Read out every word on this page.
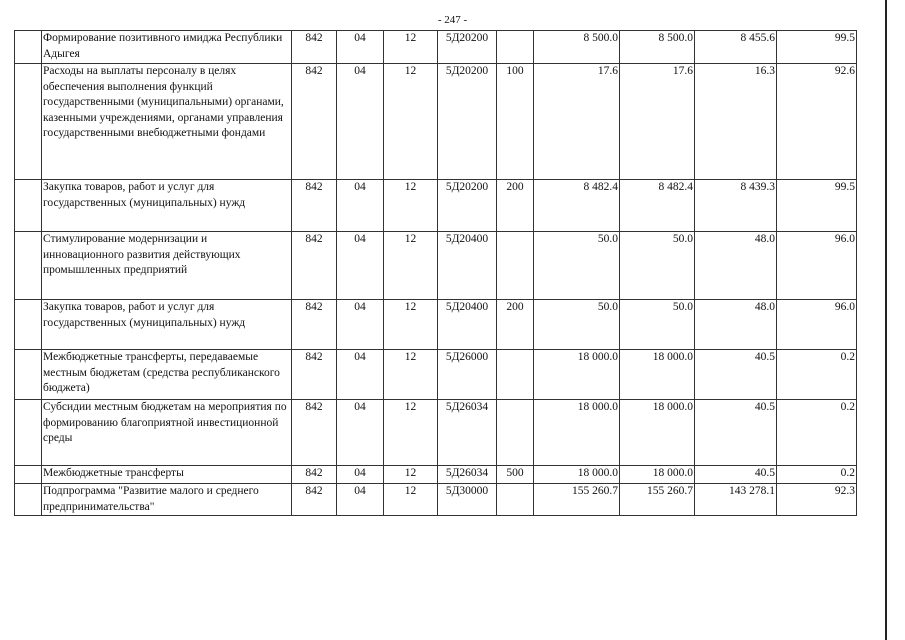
- 247 -
	Формирование позитивного имиджа Республики Адыгея	842	04	12	5Д20200		8 500.0	8 500.0	8 455.6	99.5
	Расходы на выплаты персоналу в целях обеспечения выполнения функций государственными (муниципальными) органами, казенными учреждениями, органами управления государственными внебюджетными фондами	842	04	12	5Д20200	100	17.6	17.6	16.3	92.6
	Закупка товаров, работ и услуг для государственных (муниципальных) нужд	842	04	12	5Д20200	200	8 482.4	8 482.4	8 439.3	99.5
	Стимулирование модернизации и инновационного развития действующих промышленных предприятий	842	04	12	5Д20400		50.0	50.0	48.0	96.0
	Закупка товаров, работ и услуг для государственных (муниципальных) нужд	842	04	12	5Д20400	200	50.0	50.0	48.0	96.0
	Межбюджетные трансферты, передаваемые местным бюджетам (средства республиканского бюджета)	842	04	12	5Д26000		18 000.0	18 000.0	40.5	0.2
	Субсидии местным бюджетам на мероприятия по формированию благоприятной инвестиционной среды	842	04	12	5Д26034		18 000.0	18 000.0	40.5	0.2
	Межбюджетные трансферты	842	04	12	5Д26034	500	18 000.0	18 000.0	40.5	0.2
	Подпрограмма "Развитие малого и среднего предпринимательства"	842	04	12	5Д30000		155 260.7	155 260.7	143 278.1	92.3
